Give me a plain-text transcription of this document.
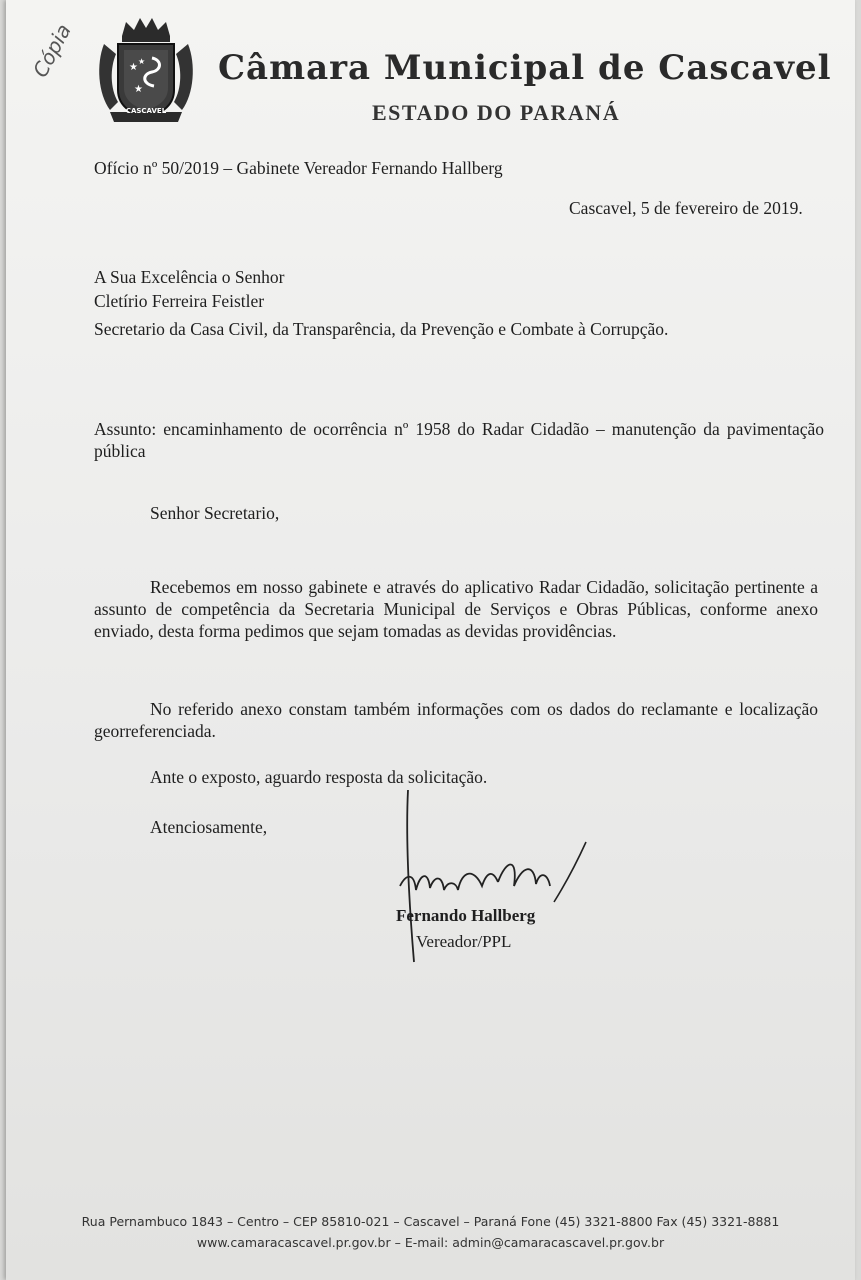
Cópia	★
★
★
CASCAVEL
Câmara Municipal de Cascavel
ESTADO DO PARANÁ
Ofício nº 50/2019 – Gabinete Vereador Fernando Hallberg
Cascavel, 5 de fevereiro de 2019.
A Sua Excelência o Senhor
Cletírio Ferreira Feistler
Secretario da Casa Civil, da Transparência, da Prevenção e Combate à Corrupção.
Assunto: encaminhamento de ocorrência nº 1958 do Radar Cidadão – manutenção da pavimentação pública
Senhor Secretario,
Recebemos em nosso gabinete e através do aplicativo Radar Cidadão, solicitação pertinente a assunto de competência da Secretaria Municipal de Serviços e Obras Públicas, conforme anexo enviado, desta forma pedimos que sejam tomadas as devidas providências.
No referido anexo constam também informações com os dados do reclamante e localização georreferenciada.
Ante o exposto, aguardo resposta da solicitação.
Atenciosamente,
Fernando Hallberg
Vereador/PPL
Rua Pernambuco 1843 – Centro – CEP 85810-021 – Cascavel – Paraná Fone (45) 3321-8800 Fax (45) 3321-8881
www.camaracascavel.pr.gov.br – E-mail: admin@camaracascavel.pr.gov.br
